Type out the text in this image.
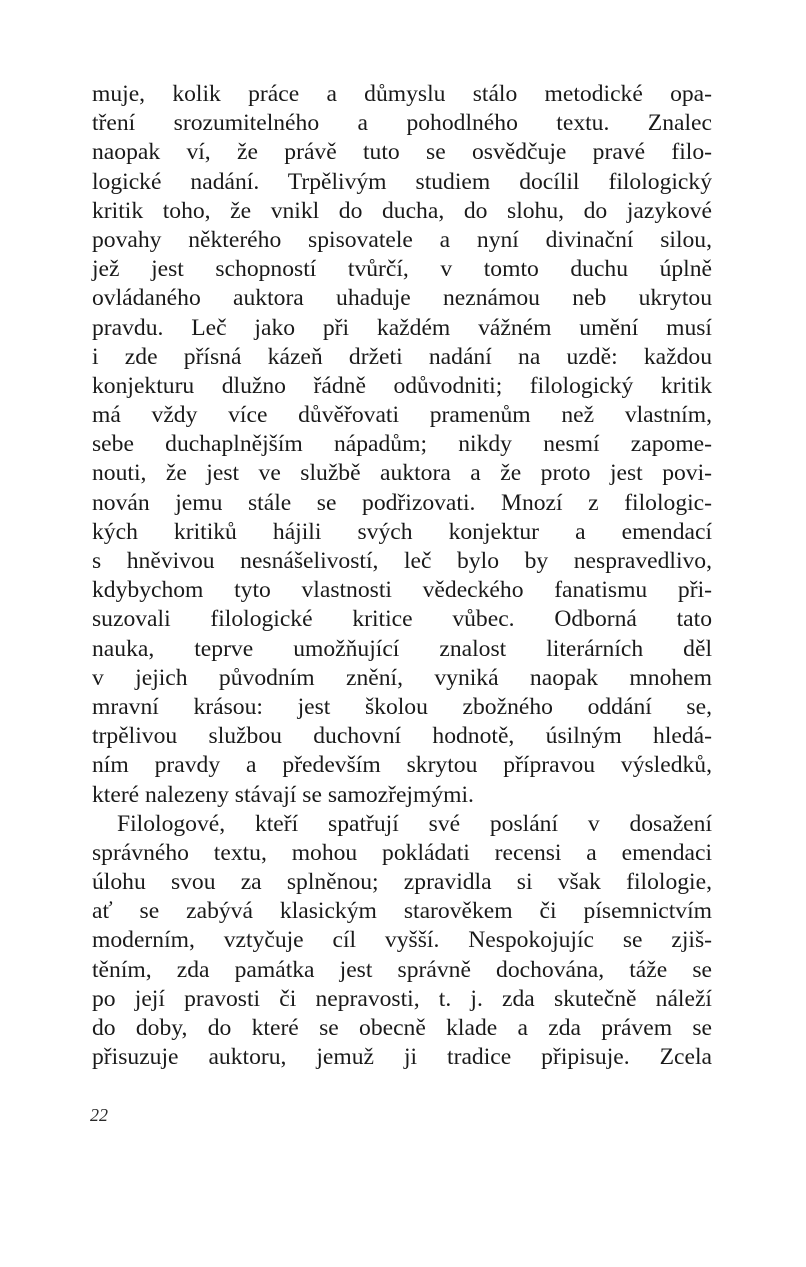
muje, kolik práce a důmyslu stálo metodické opa-
tření srozumitelného a pohodlného textu. Znalec
naopak ví, že právě tuto se osvědčuje pravé filo-
logické nadání. Trpělivým studiem docílil filologický
kritik toho, že vnikl do ducha, do slohu, do jazykové
povahy některého spisovatele a nyní divinační silou,
jež jest schopností tvůrčí, v tomto duchu úplně
ovládaného auktora uhaduje neznámou neb ukrytou
pravdu. Leč jako při každém vážném umění musí
i zde přísná kázeň držeti nadání na uzdě: každou
konjekturu dlužno řádně odůvodniti; filologický kritik
má vždy více důvěřovati pramenům než vlastním,
sebe duchaplnějším nápadům; nikdy nesmí zapome-
nouti, že jest ve službě auktora a že proto jest povi-
nován jemu stále se podřizovati. Mnozí z filologic-
kých kritiků hájili svých konjektur a emendací
s hněvivou nesnášelivostí, leč bylo by nespravedlivo,
kdybychom tyto vlastnosti vědeckého fanatismu při-
suzovali filologické kritice vůbec. Odborná tato
nauka, teprve umožňující znalost literárních děl
v jejich původním znění, vyniká naopak mnohem
mravní krásou: jest školou zbožného oddání se,
trpělivou službou duchovní hodnotě, úsilným hledá-
ním pravdy a především skrytou přípravou výsledků,
které nalezeny stávají se samozřejmými.
Filologové, kteří spatřují své poslání v dosažení
správného textu, mohou pokládati recensi a emendaci
úlohu svou za splněnou; zpravidla si však filologie,
ať se zabývá klasickým starověkem či písemnictvím
moderním, vztyčuje cíl vyšší. Nespokojujíc se zjiš-
těním, zda památka jest správně dochována, táže se
po její pravosti či nepravosti, t. j. zda skutečně náleží
do doby, do které se obecně klade a zda právem se
přisuzuje auktoru, jemuž ji tradice připisuje. Zcela
22
